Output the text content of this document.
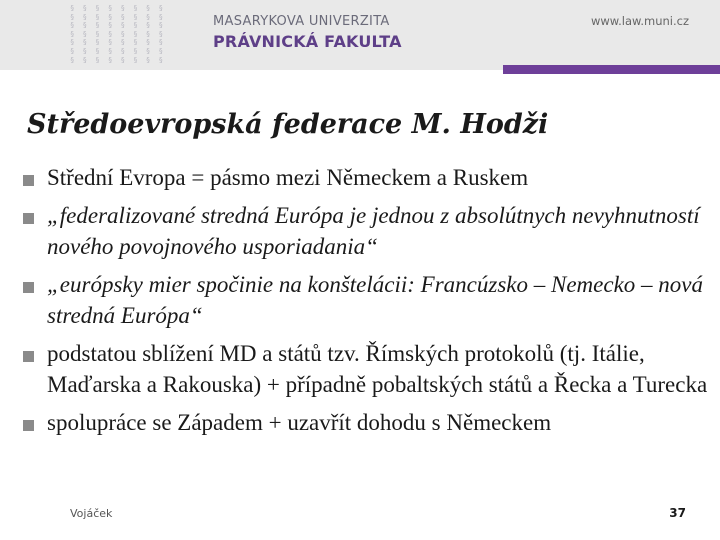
§ § § § § § § §
§ § § § § § § §
§ § § § § § § §
§ § § § § § § §
§ § § § § § § §
§ § § § § § § §
§ § § § § § § §
MASARYKOVA UNIVERZITA
PRÁVNICKÁ FAKULTA
www.law.muni.cz
Středoevropská federace M. Hodži
Střední Evropa = pásmo mezi Německem a Ruskem
„federalizované stredná Európa je jednou z absolútnych nevyhnutností nového povojnového usporiadania“
„európsky mier spočinie na konštelácii: Francúzsko – Nemecko – nová stredná Európa“
podstatou sblížení MD a států tzv. Římských protokolů (tj. Itálie, Maďarska a Rakouska) + případně pobaltských států a Řecka a Turecka
spolupráce se Západem + uzavřít dohodu s Německem
Vojáček	37
